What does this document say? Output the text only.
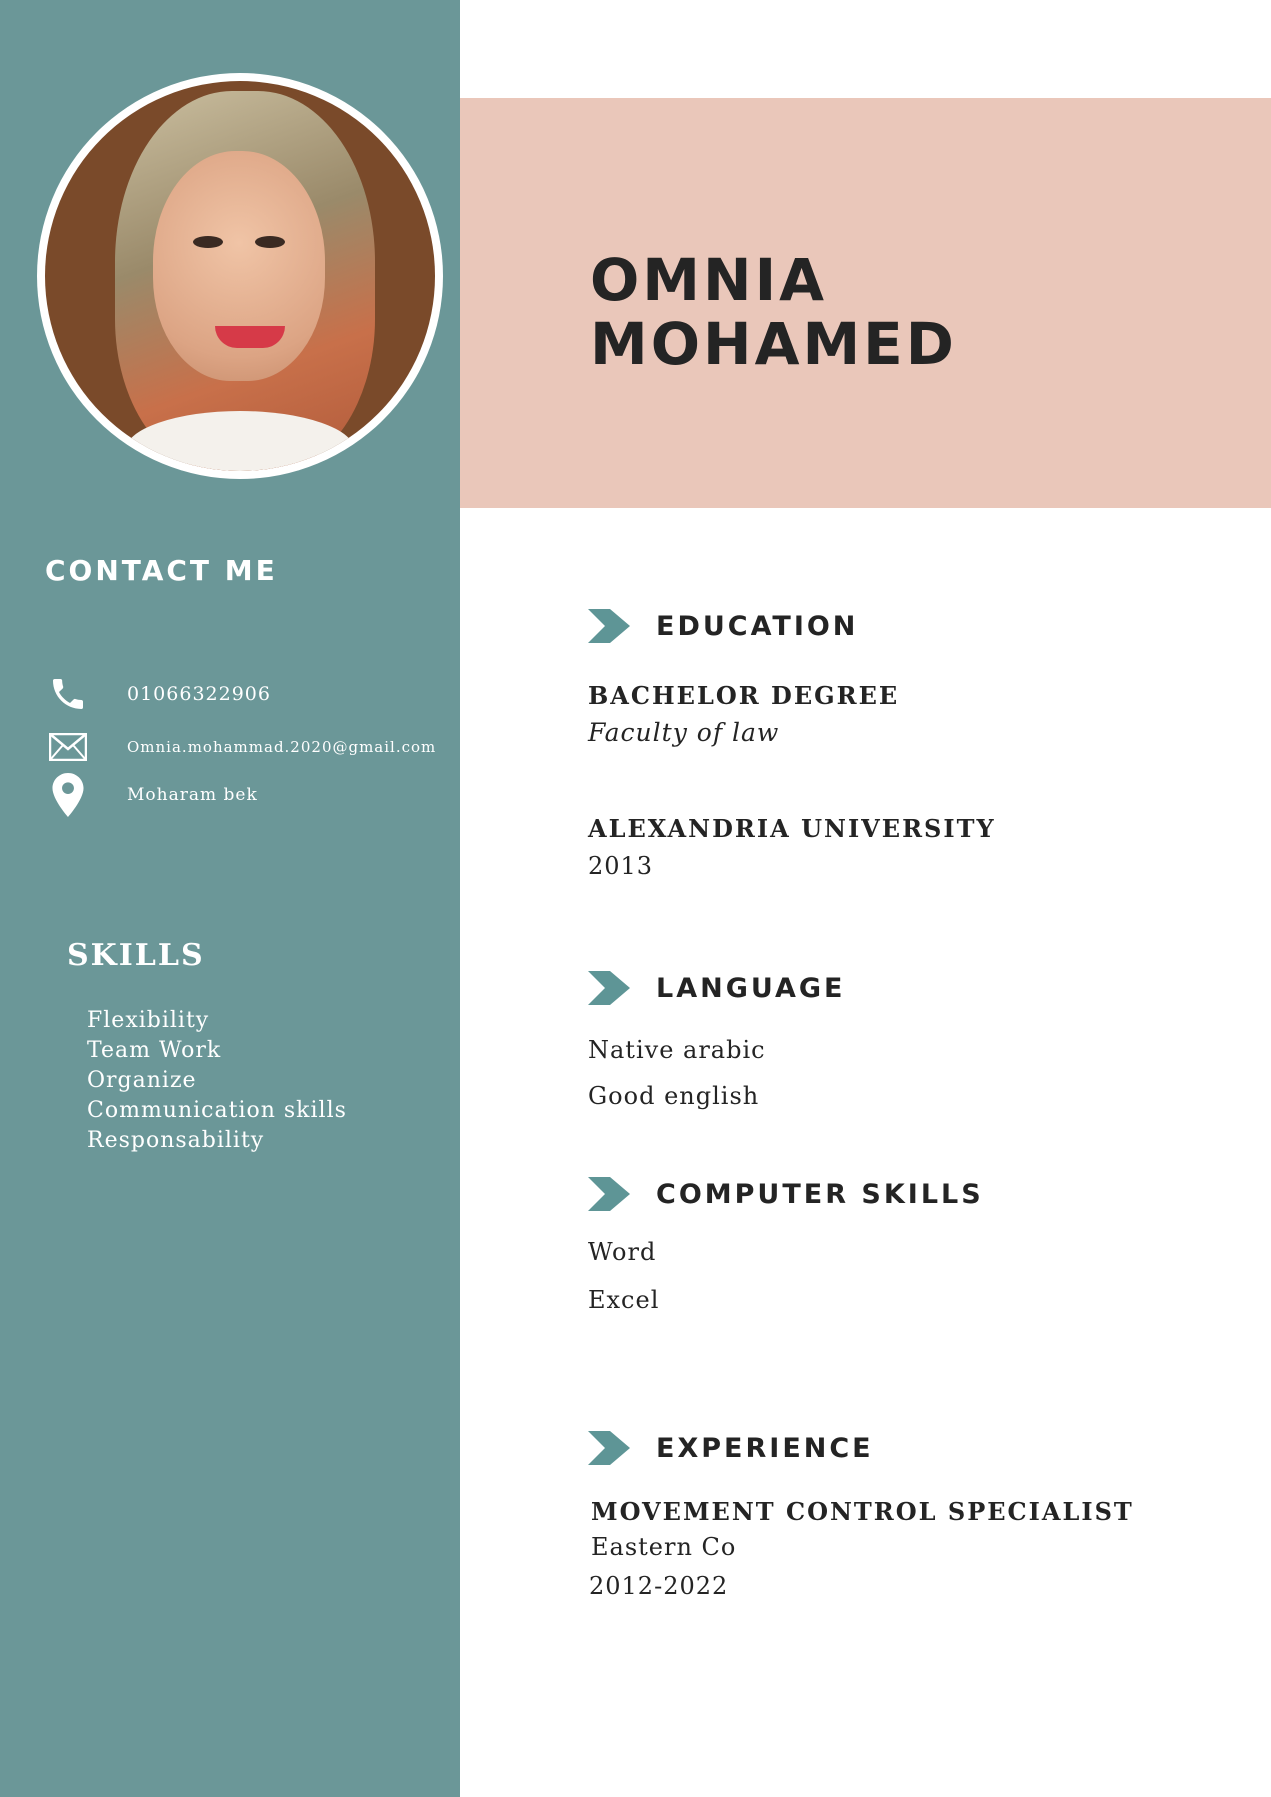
CONTACT ME
01066322906
Omnia.mohammad.2020@gmail.com
Moharam bek
SKILLS
Flexibility
Team Work
Organize
Communication skills
Responsability
OMNIA
MOHAMED
EDUCATION

BACHELOR DEGREE

Faculty of law

ALEXANDRIA UNIVERSITY

2013

LANGUAGE

Native arabic

Good english

COMPUTER SKILLS

Word

Excel

EXPERIENCE

MOVEMENT CONTROL SPECIALIST

Eastern Co

2012-2022
